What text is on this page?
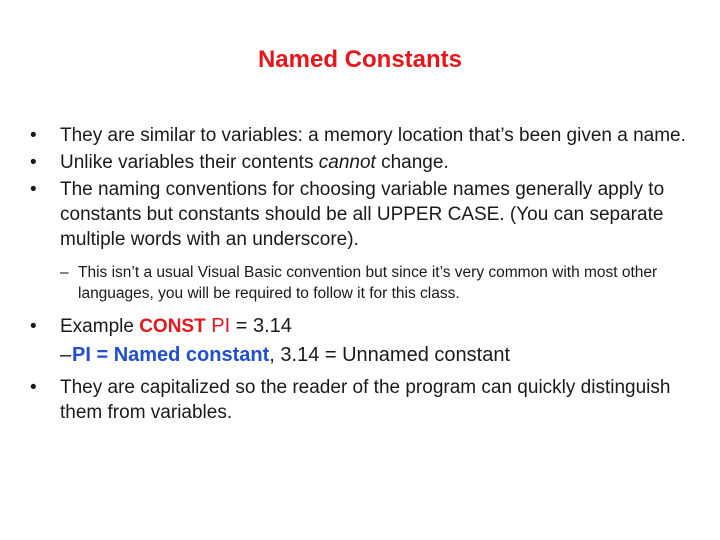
Named Constants
•	They are similar to variables: a memory location that’s been given a name.
•	Unlike variables their contents cannot change.
•	The naming conventions for choosing variable names generally apply to constants but constants should be all UPPER CASE. (You can separate multiple words with an underscore).
– This isn’t a usual Visual Basic convention but since it’s very common with most other languages, you will be required to follow it for this class.
•	Example CONST PI = 3.14
– PI = Named constant, 3.14 = Unnamed constant
•	They are capitalized so the reader of the program can quickly distinguish them from variables.
